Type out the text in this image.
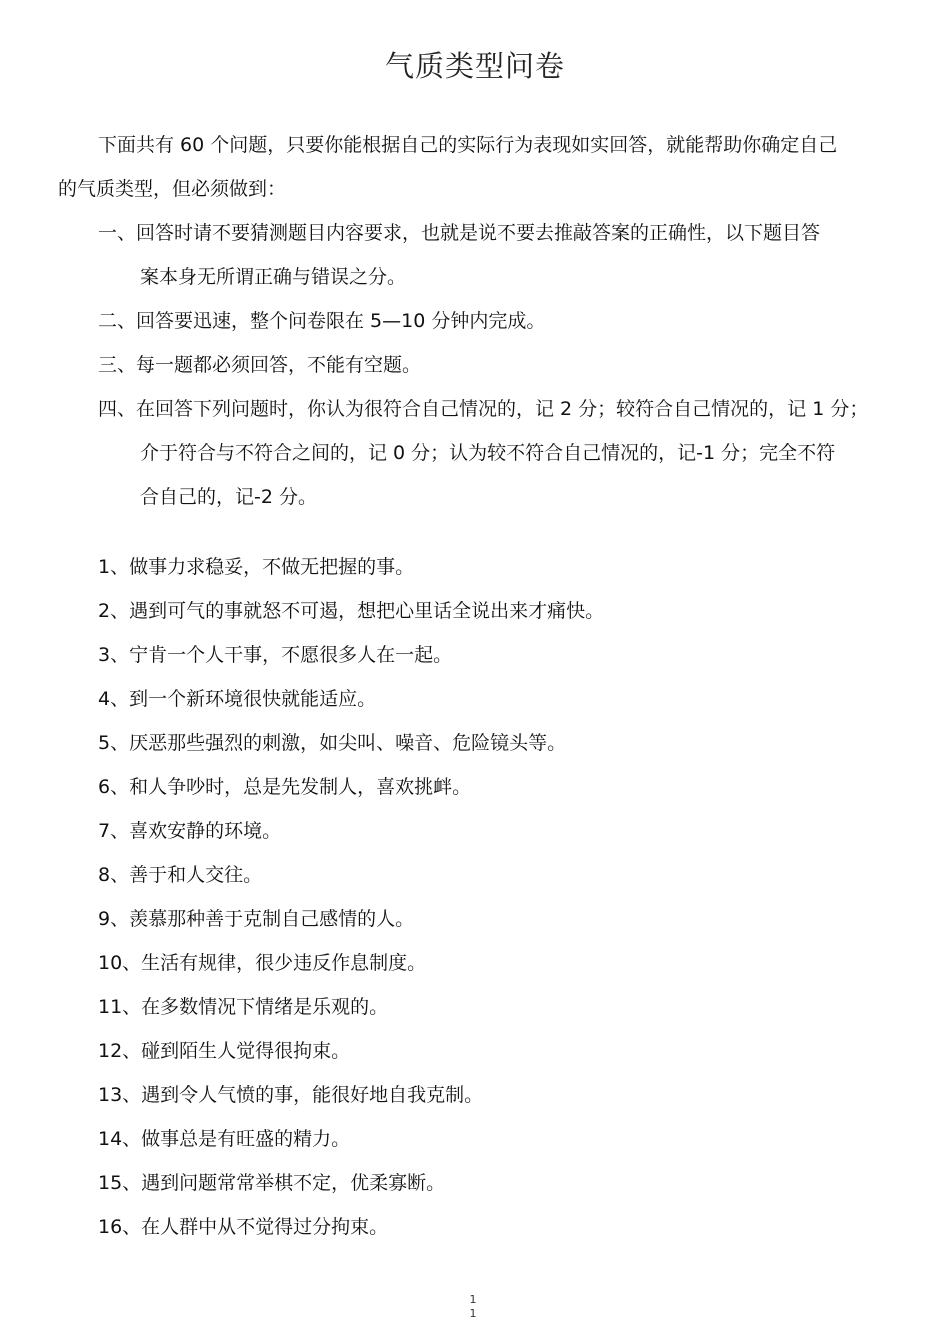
气质类型问卷
下面共有 60 个问题，只要你能根据自己的实际行为表现如实回答，就能帮助你确定自己
的气质类型，但必须做到：
一、回答时请不要猜测题目内容要求，也就是说不要去推敲答案的正确性，以下题目答
案本身无所谓正确与错误之分。
二、回答要迅速，整个问卷限在 5—10 分钟内完成。
三、每一题都必须回答，不能有空题。
四、在回答下列问题时，你认为很符合自己情况的，记 2 分；较符合自己情况的，记 1 分；
介于符合与不符合之间的，记 0 分；认为较不符合自己情况的，记-1 分；完全不符
合自己的，记-2 分。
1、做事力求稳妥，不做无把握的事。
2、遇到可气的事就怒不可遏，想把心里话全说出来才痛快。
3、宁肯一个人干事，不愿很多人在一起。
4、到一个新环境很快就能适应。
5、厌恶那些强烈的刺激，如尖叫、噪音、危险镜头等。
6、和人争吵时，总是先发制人，喜欢挑衅。
7、喜欢安静的环境。
8、善于和人交往。
9、羡慕那种善于克制自己感情的人。
10、生活有规律，很少违反作息制度。
11、在多数情况下情绪是乐观的。
12、碰到陌生人觉得很拘束。
13、遇到令人气愤的事，能很好地自我克制。
14、做事总是有旺盛的精力。
15、遇到问题常常举棋不定，优柔寡断。
16、在人群中从不觉得过分拘束。
1
1
